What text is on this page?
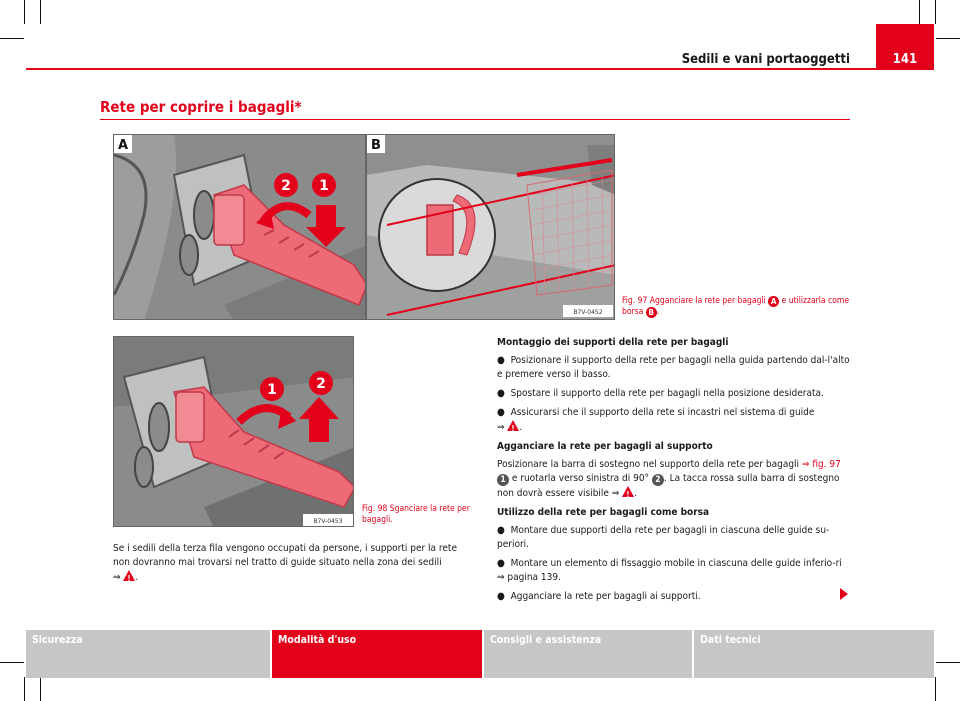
Sedili e vani portaoggetti	141
Rete per coprire i bagagli*
2 1
A
B7V-0452
B
Fig. 97 Agganciare la rete per bagagli A e utilizzarla come borsa B .
1	2
B7V-0453
Fig. 98 Sganciare la rete per bagagli.

Se i sedili della terza fila vengono occupati da persone, i supporti per la rete non dovranno mai trovarsi nel tratto di guide situato nella zona dei sedili
⇒ ! .

Montaggio dei supporti della rete per bagagli

● Posizionare il supporto della rete per bagagli nella guida partendo dal-l'alto e premere verso il basso.

● Spostare il supporto della rete per bagagli nella posizione desiderata.

● Assicurarsi che il supporto della rete si incastri nel sistema di guide
⇒ ! .

Agganciare la rete per bagagli al supporto

Posizionare la barra di sostegno nel supporto della rete per bagagli ⇒ fig. 97 1 e ruotarla verso sinistra di 90° 2 . La tacca rossa sulla barra di sostegno non dovrà essere visibile ⇒ ! .

Utilizzo della rete per bagagli come borsa

● Montare due supporti della rete per bagagli in ciascuna delle guide su-periori.

● Montare un elemento di fissaggio mobile in ciascuna delle guide inferio-ri ⇒ pagina 139.

● Agganciare la rete per bagagli ai supporti.

Sicurezza	Modalità d'uso	Consigli e assistenza	Dati tecnici
